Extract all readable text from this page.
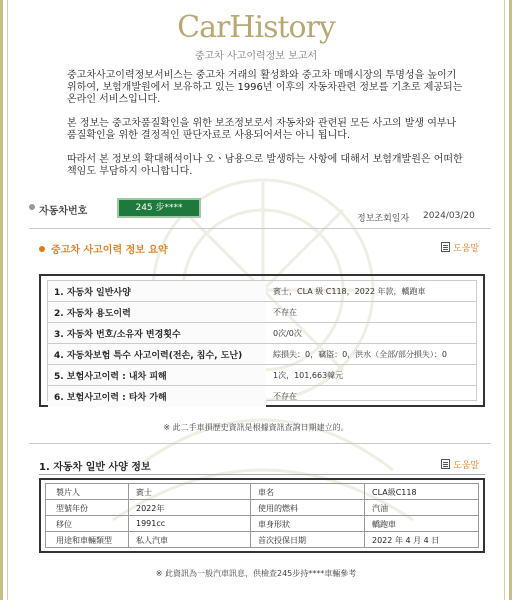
CarHistory
중고차 사고이력정보 보고서

중고차사고이력정보서비스는 중고차 거래의 활성화와 중고차 매매시장의 투명성을 높이기 위하여, 보험개발원에서 보유하고 있는 1996년 이후의 자동차관련 정보를 기초로 제공되는 온라인 서비스입니다.

본 정보는 중고차품질확인을 위한 보조정보로서 자동차와 관련된 모든 사고의 발생 여부나 품질확인을 위한 결정적인 판단자료로 사용되어서는 아니 됩니다.

따라서 본 정보의 확대해석이나 오ㆍ남용으로 발생하는 사항에 대해서 보험개발원은 어떠한 책임도 부담하지 아니합니다.

자동차번호	245 步****
정보조회일자 2024/03/20
중고차 사고이력 정보 요약	도움말
1. 자동차 일반사양	賓士，CLA 級 C118，2022 年款，轎跑車
2. 자동차 용도이력	不存在
3. 자동차 번호/소유자 변경횟수	0次/0次
4. 자동차보험 특수 사고이력(전손, 침수, 도난)	綜損失：0，竊盜：0，洪水（全部/部分損失）：0
5. 보험사고이력 : 내차 피해	1次，101,663韓元
6. 보험사고이력 : 타차 가해	不存在
※ 此二手車損歷史資訊是根據資訊查詢日期建立的。
1. 자동차 일반 사양 정보	도움말
製片人	賓士	車名	CLA級C118
型號年份	2022年	使用的燃料	汽油
移位	1991cc	車身形狀	轎跑車
用途和車輛類型	私人汽車	首次投保日期	2022 年 4 月 4 日
※ 此資訊為一般汽車訊息，供檢查245步持****車輛參考
